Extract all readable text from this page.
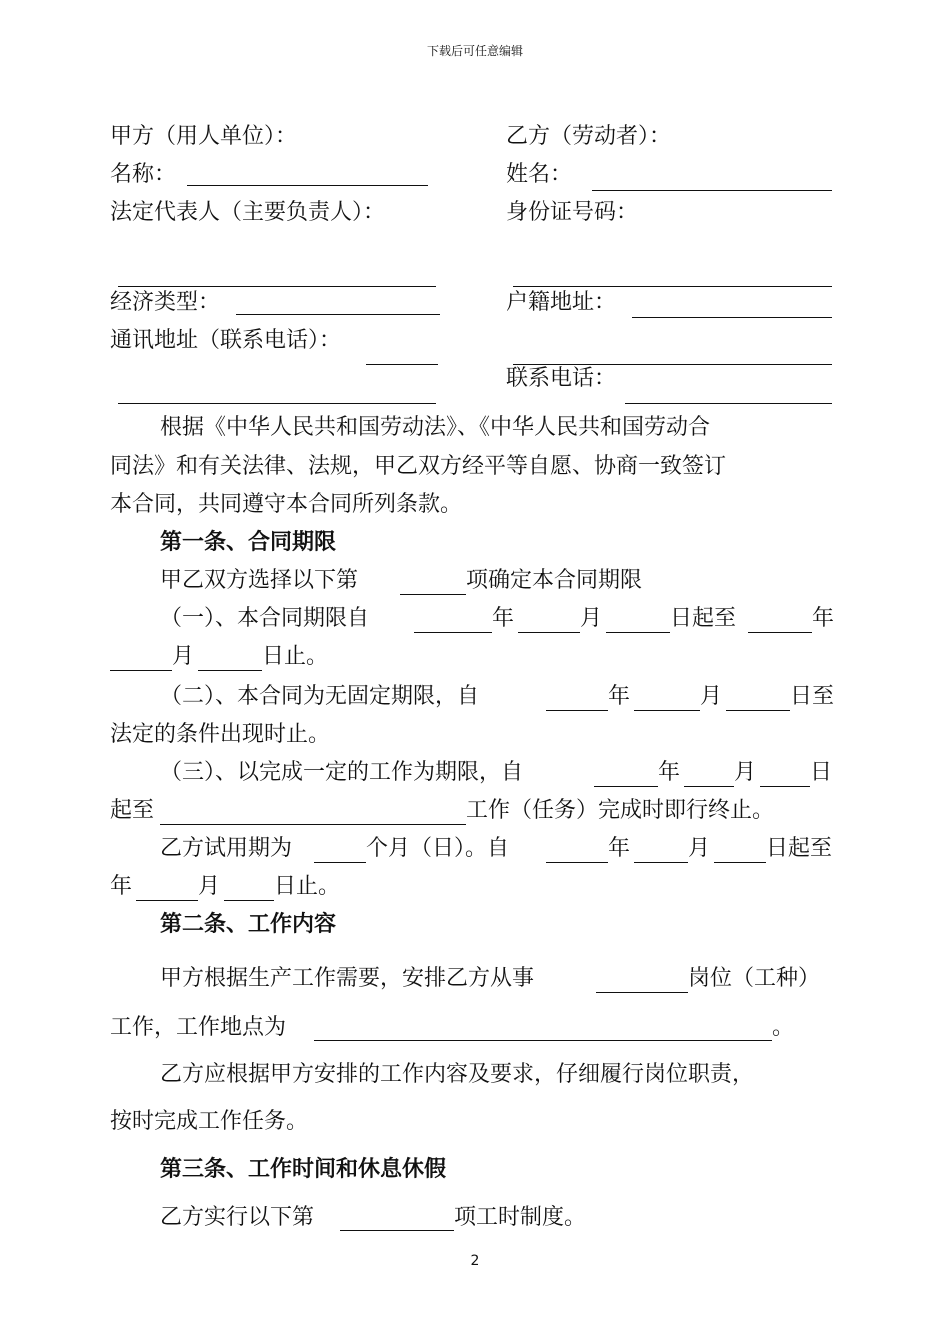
下载后可任意编辑
甲方（用人单位）：	乙方（劳动者）：
名称：	姓名：
法定代表人（主要负责人）：	身份证号码：
经济类型：	户籍地址：
通讯地址（联系电话）：
联系电话：
根据《中华人民共和国劳动法》、《中华人民共和国劳动合
同法》和有关法律、法规，甲乙双方经平等自愿、协商一致签订
本合同，共同遵守本合同所列条款。
第一条、合同期限
甲乙双方选择以下第	项确定本合同期限
（一）、本合同期限自	年	月	日起至	年
月	日止。
（二）、本合同为无固定期限，自	年	月	日至
法定的条件出现时止。
（三）、以完成一定的工作为期限，自	年 月 日
起至	工作（任务）完成时即行终止。
乙方试用期为	个月（日）。自	年	月	日起至
年	月 日止。
第二条、工作内容
甲方根据生产工作需要，安排乙方从事	岗位（工种）
工作，工作地点为	。
乙方应根据甲方安排的工作内容及要求，仔细履行岗位职责，
按时完成工作任务。
第三条、工作时间和休息休假
乙方实行以下第	项工时制度。
2
